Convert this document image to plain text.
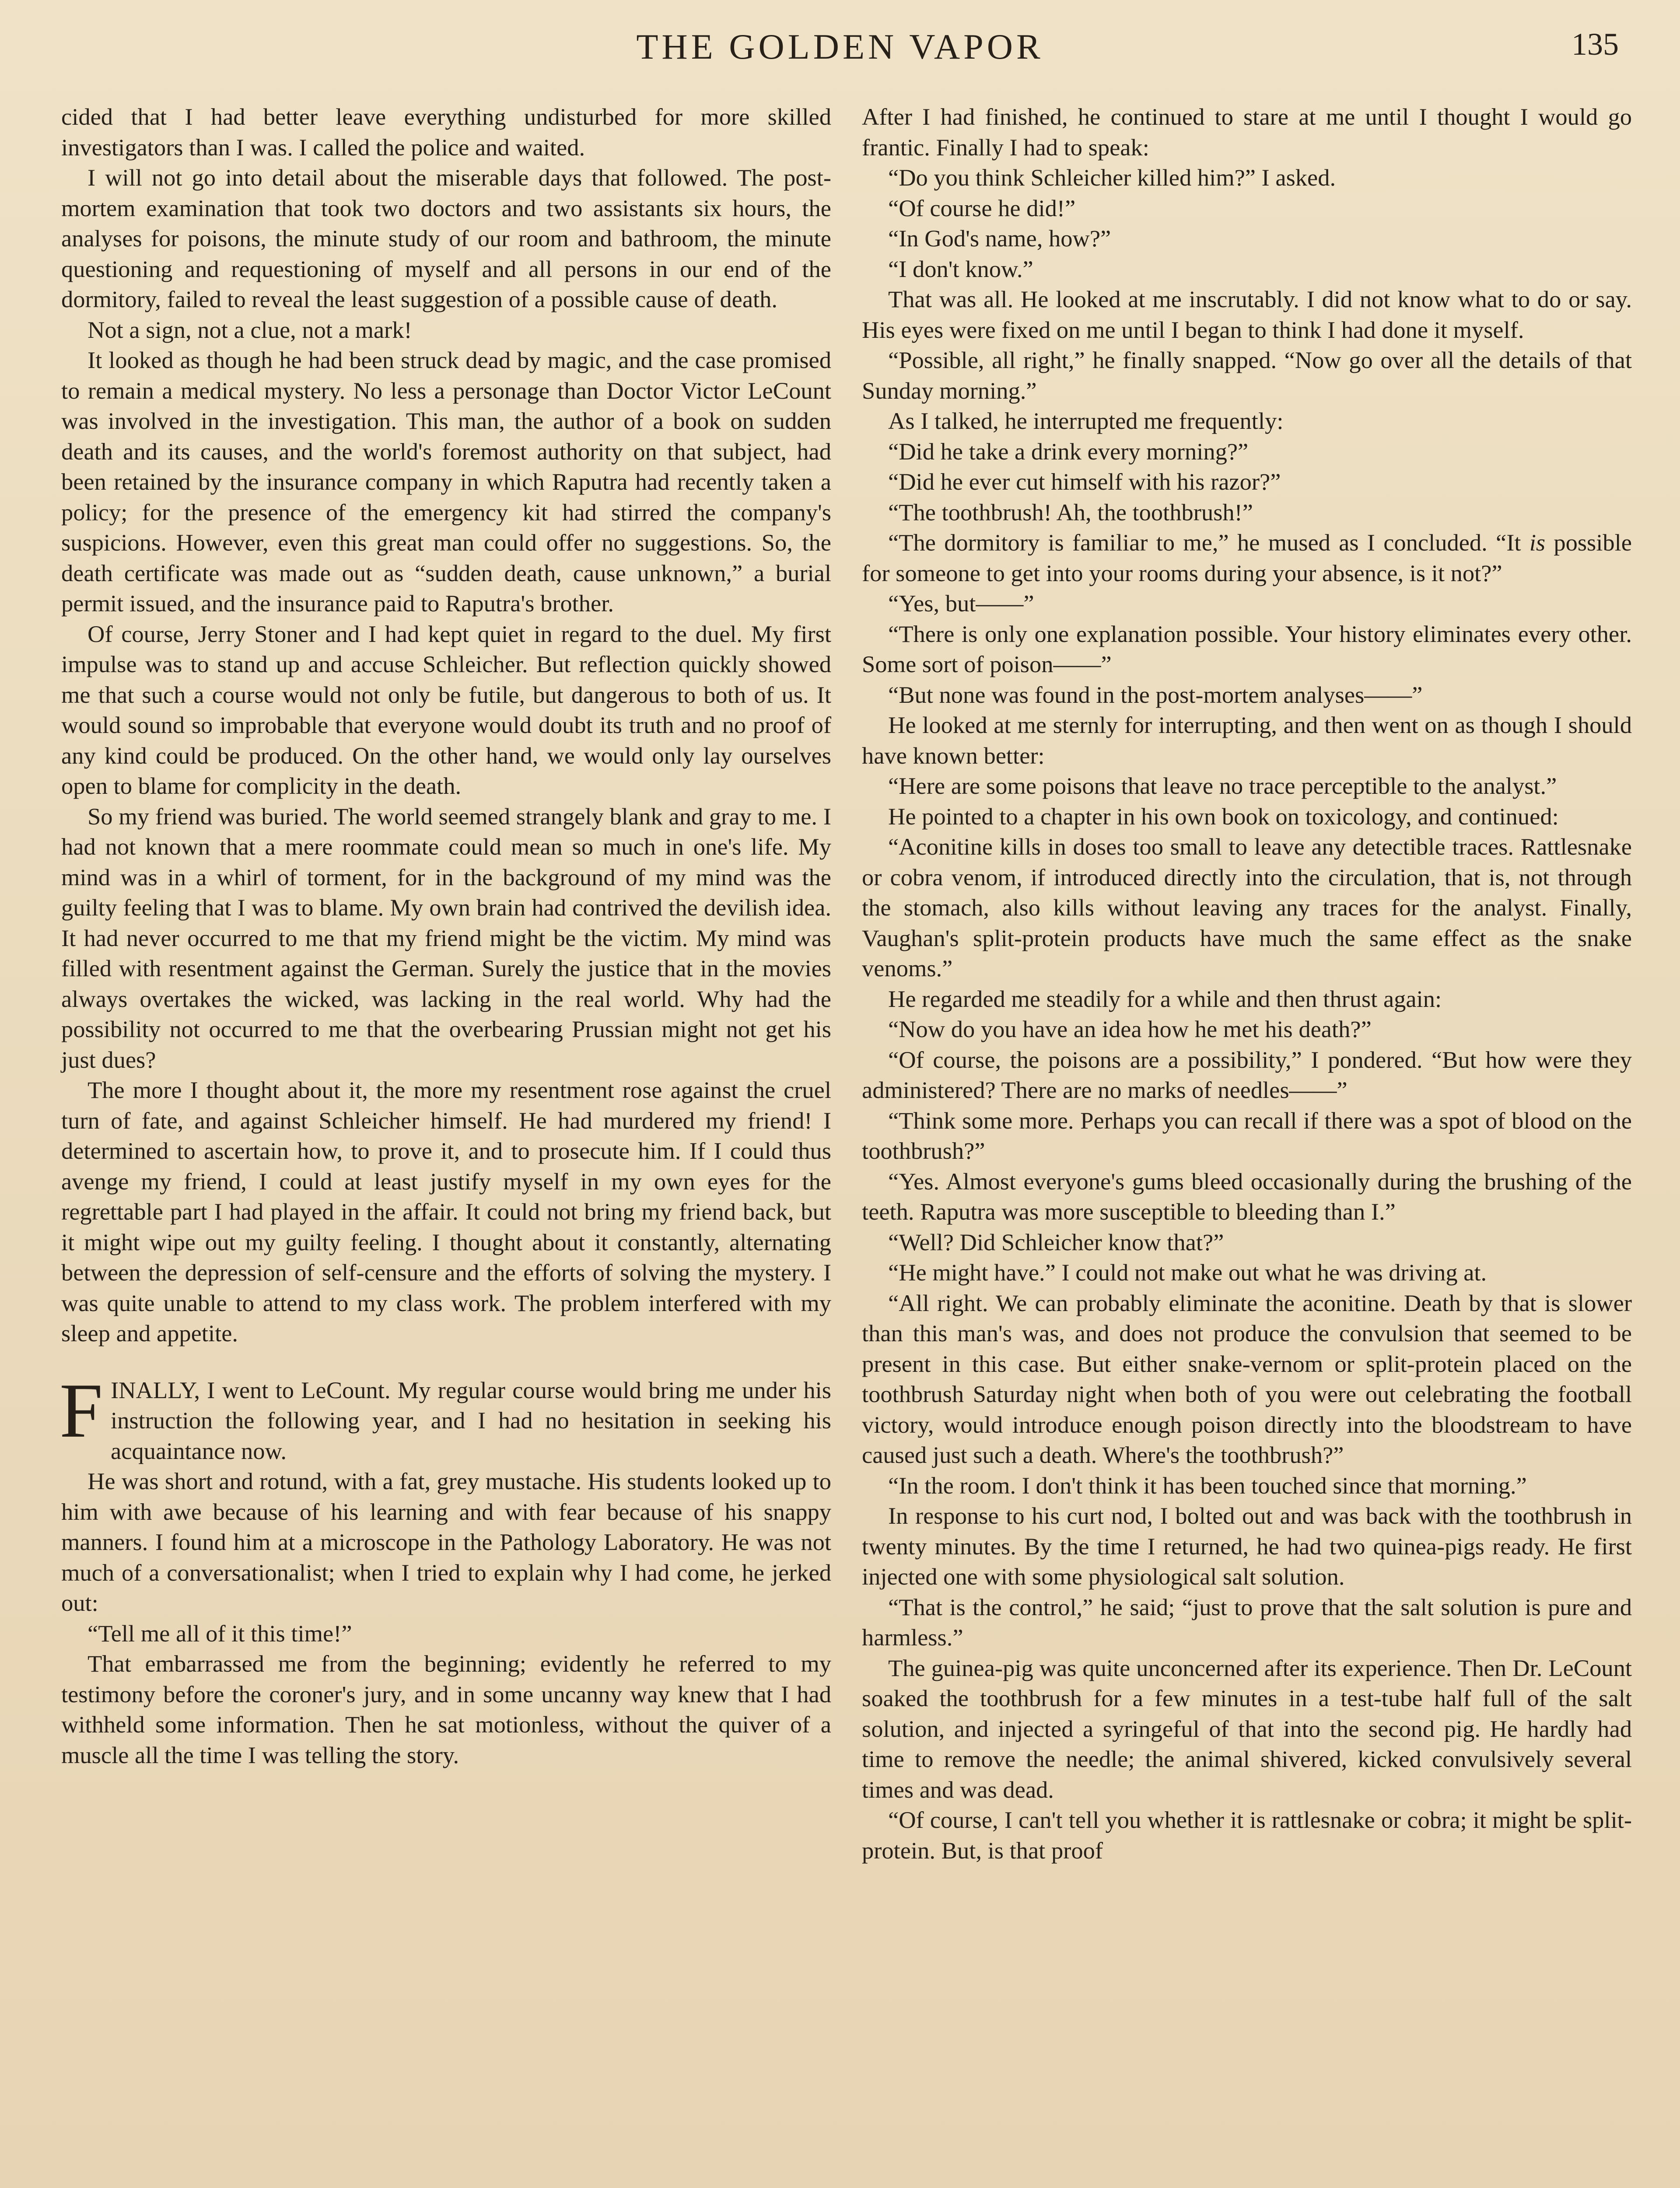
THE GOLDEN VAPOR	135

cided that I had better leave everything undisturbed for more skilled investigators than I was. I called the police and waited.

I will not go into detail about the miserable days that followed. The post-mortem examination that took two doctors and two assistants six hours, the analyses for poisons, the minute study of our room and bathroom, the minute questioning and requestioning of myself and all persons in our end of the dormitory, failed to reveal the least suggestion of a possible cause of death.

Not a sign, not a clue, not a mark!

It looked as though he had been struck dead by magic, and the case promised to remain a medical mystery. No less a personage than Doctor Victor LeCount was involved in the investigation. This man, the author of a book on sudden death and its causes, and the world's foremost authority on that subject, had been retained by the insurance company in which Raputra had recently taken a policy; for the presence of the emergency kit had stirred the company's suspicions. However, even this great man could offer no suggestions. So, the death certificate was made out as “sudden death, cause unknown,” a burial permit issued, and the insurance paid to Raputra's brother.

Of course, Jerry Stoner and I had kept quiet in regard to the duel. My first impulse was to stand up and accuse Schleicher. But reflection quickly showed me that such a course would not only be futile, but dangerous to both of us. It would sound so improbable that everyone would doubt its truth and no proof of any kind could be produced. On the other hand, we would only lay ourselves open to blame for complicity in the death.

So my friend was buried. The world seemed strangely blank and gray to me. I had not known that a mere roommate could mean so much in one's life. My mind was in a whirl of torment, for in the background of my mind was the guilty feeling that I was to blame. My own brain had contrived the devilish idea. It had never occurred to me that my friend might be the victim. My mind was filled with resentment against the German. Surely the justice that in the movies always overtakes the wicked, was lacking in the real world. Why had the possibility not occurred to me that the overbearing Prussian might not get his just dues?

The more I thought about it, the more my resentment rose against the cruel turn of fate, and against Schleicher himself. He had murdered my friend! I determined to ascertain how, to prove it, and to prosecute him. If I could thus avenge my friend, I could at least justify myself in my own eyes for the regrettable part I had played in the affair. It could not bring my friend back, but it might wipe out my guilty feeling. I thought about it constantly, alternating between the depression of self-censure and the efforts of solving the mystery. I was quite unable to attend to my class work. The problem interfered with my sleep and appetite.

FINALLY, I went to LeCount. My regular course would bring me under his instruction the following year, and I had no hesitation in seeking his acquaintance now.

He was short and rotund, with a fat, grey mustache. His students looked up to him with awe because of his learning and with fear because of his snappy manners. I found him at a microscope in the Pathology Laboratory. He was not much of a conversationalist; when I tried to explain why I had come, he jerked out:

“Tell me all of it this time!”

That embarrassed me from the beginning; evidently he referred to my testimony before the coroner's jury, and in some uncanny way knew that I had withheld some information. Then he sat motionless, without the quiver of a muscle all the time I was telling the story.

After I had finished, he continued to stare at me until I thought I would go frantic. Finally I had to speak:

“Do you think Schleicher killed him?” I asked.

“Of course he did!”

“In God's name, how?”

“I don't know.”

That was all. He looked at me inscrutably. I did not know what to do or say. His eyes were fixed on me until I began to think I had done it myself.

“Possible, all right,” he finally snapped. “Now go over all the details of that Sunday morning.”

As I talked, he interrupted me frequently:

“Did he take a drink every morning?”

“Did he ever cut himself with his razor?”

“The toothbrush! Ah, the toothbrush!”

“The dormitory is familiar to me,” he mused as I concluded. “It is possible for someone to get into your rooms during your absence, is it not?”

“Yes, but——”

“There is only one explanation possible. Your history eliminates every other. Some sort of poison——”

“But none was found in the post-mortem analyses——”

He looked at me sternly for interrupting, and then went on as though I should have known better:

“Here are some poisons that leave no trace perceptible to the analyst.”

He pointed to a chapter in his own book on toxicology, and continued:

“Aconitine kills in doses too small to leave any detectible traces. Rattlesnake or cobra venom, if introduced directly into the circulation, that is, not through the stomach, also kills without leaving any traces for the analyst. Finally, Vaughan's split-protein products have much the same effect as the snake venoms.”

He regarded me steadily for a while and then thrust again:

“Now do you have an idea how he met his death?”

“Of course, the poisons are a possibility,” I pondered. “But how were they administered? There are no marks of needles——”

“Think some more. Perhaps you can recall if there was a spot of blood on the toothbrush?”

“Yes. Almost everyone's gums bleed occasionally during the brushing of the teeth. Raputra was more susceptible to bleeding than I.”

“Well? Did Schleicher know that?”

“He might have.” I could not make out what he was driving at.

“All right. We can probably eliminate the aconitine. Death by that is slower than this man's was, and does not produce the convulsion that seemed to be present in this case. But either snake-vernom or split-protein placed on the toothbrush Saturday night when both of you were out celebrating the football victory, would introduce enough poison directly into the bloodstream to have caused just such a death. Where's the toothbrush?”

“In the room. I don't think it has been touched since that morning.”

In response to his curt nod, I bolted out and was back with the toothbrush in twenty minutes. By the time I returned, he had two quinea-pigs ready. He first injected one with some physiological salt solution.

“That is the control,” he said; “just to prove that the salt solution is pure and harmless.”

The guinea-pig was quite unconcerned after its experience. Then Dr. LeCount soaked the toothbrush for a few minutes in a test-tube half full of the salt solution, and injected a syringeful of that into the second pig. He hardly had time to remove the needle; the animal shivered, kicked convulsively several times and was dead.

“Of course, I can't tell you whether it is rattlesnake or cobra; it might be split-protein. But, is that proof
